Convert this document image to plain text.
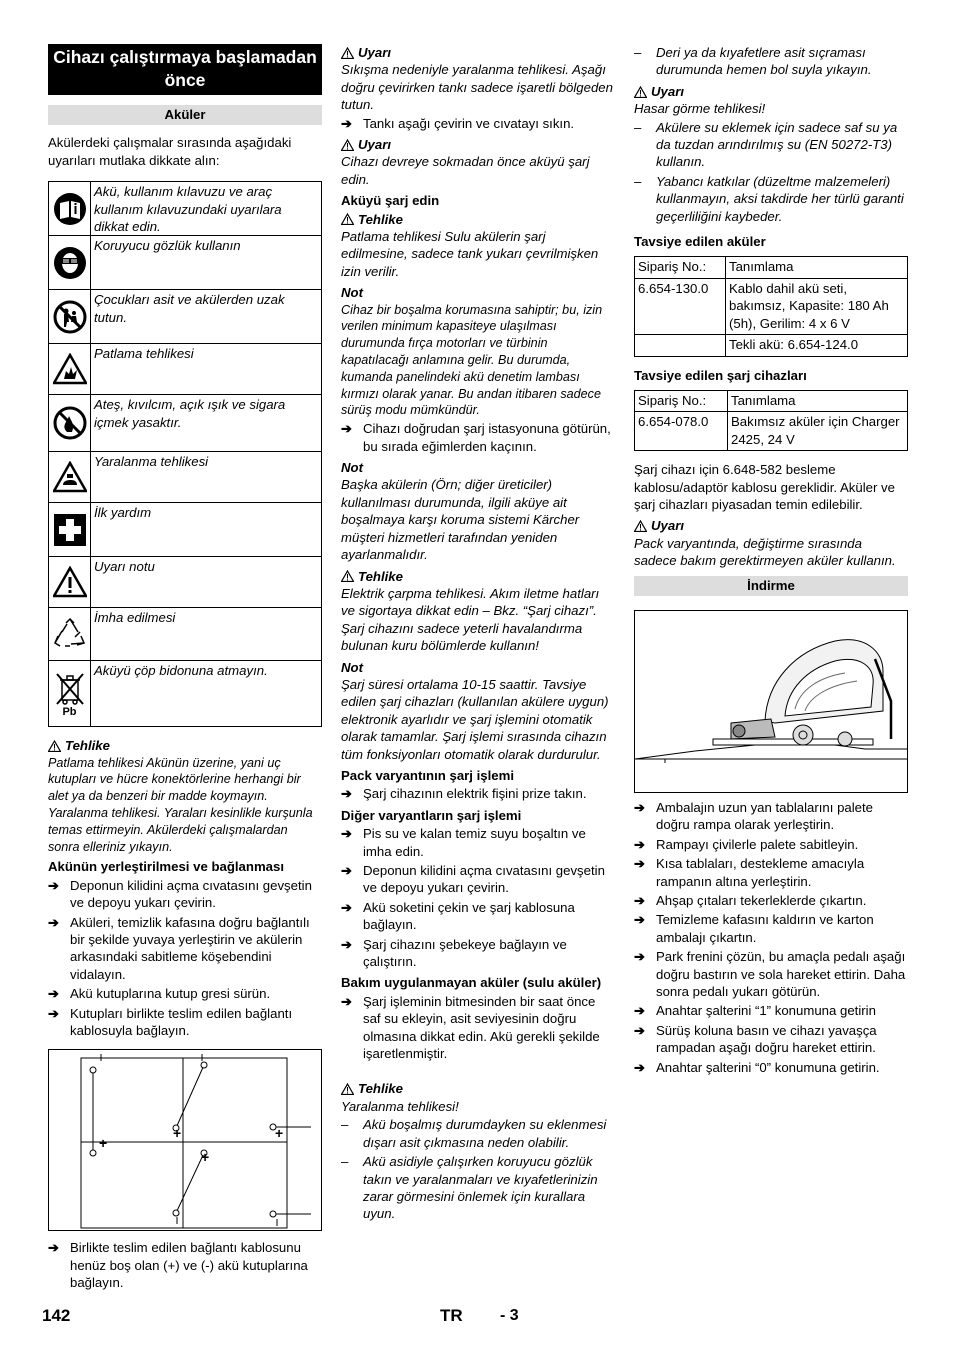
Cihazı çalıştırmaya başlamadan önce
Aküler

Akülerdeki çalışmalar sırasında aşağıdaki uyarıları mutlaka dikkate alın:

Akü, kullanım kılavuzu ve araç kullanım kılavuzundaki uyarılara dikkat edin.
Koruyucu gözlük kullanın
Çocukları asit ve akülerden uzak tutun.
Patlama tehlikesi
Ateş, kıvılcım, açık ışık ve sigara içmek yasaktır.
Yaralanma tehlikesi
İlk yardım
Uyarı notu
İmha edilmesi
Pb
Aküyü çöp bidonuna atmayın.
Tehlike

Patlama tehlikesi Akünün üzerine, yani uç kutupları ve hücre konektörlerine herhangi bir alet ya da benzeri bir madde koymayın. Yaralanma tehlikesi. Yaraları kesinlikle kurşunla temas ettirmeyin. Akülerdeki çalışmalardan sonra elleriniz yıkayın.

Akünün yerleştirilmesi ve bağlanması

➔ Deponun kilidini açma cıvatasını gevşetin ve depoyu yukarı çevirin.
➔ Aküleri, temizlik kafasına doğru bağlantılı bir şekilde yuvaya yerleştirin ve akülerin arkasındaki sabitleme köşebendini vidalayın.
➔ Akü kutuplarına kutup gresi sürün.
➔ Kutupları birlikte teslim edilen bağlantı kablosuyla bağlayın.
+
+
+
+
➔ Birlikte teslim edilen bağlantı kablosunu henüz boş olan (+) ve (-) akü kutuplarına bağlayın.
Uyarı

Sıkışma nedeniyle yaralanma tehlikesi. Aşağı doğru çevirirken tankı sadece işaretli bölgeden tutun.

➔ Tankı aşağı çevirin ve cıvatayı sıkın.
Uyarı

Cihazı devreye sokmadan önce aküyü şarj edin.

Aküyü şarj edin

Tehlike

Patlama tehlikesi Sulu akülerin şarj edilmesine, sadece tank yukarı çevrilmişken izin verilir.

Not

Cihaz bir boşalma korumasına sahiptir; bu, izin verilen minimum kapasiteye ulaşılması durumunda fırça motorları ve türbinin kapatılacağı anlamına gelir. Bu durumda, kumanda panelindeki akü denetim lambası kırmızı olarak yanar. Bu andan itibaren sadece sürüş modu mümkündür.

➔ Cihazı doğrudan şarj istasyonuna götürün, bu sırada eğimlerden kaçının.

Not

Başka akülerin (Örn; diğer üreticiler) kullanılması durumunda, ilgili aküye ait boşalmaya karşı koruma sistemi Kärcher müşteri hizmetleri tarafından yeniden ayarlanmalıdır.

Tehlike

Elektrik çarpma tehlikesi. Akım iletme hatları ve sigortaya dikkat edin – Bkz. “Şarj cihazı”. Şarj cihazını sadece yeterli havalandırma bulunan kuru bölümlerde kullanın!

Not

Şarj süresi ortalama 10-15 saattir. Tavsiye edilen şarj cihazları (kullanılan akülere uygun) elektronik ayarlıdır ve şarj işlemini otomatik olarak tamamlar. Şarj işlemi sırasında cihazın tüm fonksiyonları otomatik olarak durdurulur.

Pack varyantının şarj işlemi

➔ Şarj cihazının elektrik fişini prize takın.

Diğer varyantların şarj işlemi

➔ Pis su ve kalan temiz suyu boşaltın ve imha edin.
➔ Deponun kilidini açma cıvatasını gevşetin ve depoyu yukarı çevirin.
➔ Akü soketini çekin ve şarj kablosuna bağlayın.
➔ Şarj cihazını şebekeye bağlayın ve çalıştırın.

Bakım uygulanmayan aküler (sulu aküler)

➔ Şarj işleminin bitmesinden bir saat önce saf su ekleyin, asit seviyesinin doğru olmasına dikkat edin. Akü gerekli şekilde işaretlenmiştir.
Tehlike

Yaralanma tehlikesi!

–	Akü boşalmış durumdayken su eklenmesi dışarı asit çıkmasına neden olabilir.
–	Akü asidiyle çalışırken koruyucu gözlük takın ve yaralanmaları ve kıyafetlerinizin zarar görmesini önlemek için kurallara uyun.
–	Deri ya da kıyafetlere asit sıçraması durumunda hemen bol suyla yıkayın.
Uyarı

Hasar görme tehlikesi!

–	Akülere su eklemek için sadece saf su ya da tuzdan arındırılmış su (EN 50272-T3) kullanın.
–	Yabancı katkılar (düzeltme malzemeleri) kullanmayın, aksi takdirde her türlü garanti geçerliliğini kaybeder.

Tavsiye edilen aküler

Sipariş No.:	Tanımlama
6.654-130.0	Kablo dahil akü seti, bakımsız, Kapasite: 180 Ah (5h), Gerilim: 4 x 6 V
	Tekli akü: 6.654-124.0

Tavsiye edilen şarj cihazları

Sipariş No.:	Tanımlama
6.654-078.0	Bakımsız aküler için Charger 2425, 24 V

Şarj cihazı için 6.648-582 besleme kablosu/adaptör kablosu gereklidir. Aküler ve şarj cihazları piyasadan temin edilebilir.

Uyarı

Pack varyantında, değiştirme sırasında sadece bakım gerektirmeyen aküler kullanın.

İndirme
➔ Ambalajın uzun yan tablalarını palete doğru rampa olarak yerleştirin.
➔ Rampayı çivilerle palete sabitleyin.
➔ Kısa tablaları, destekleme amacıyla rampanın altına yerleştirin.
➔ Ahşap çıtaları tekerleklerde çıkartın.
➔ Temizleme kafasını kaldırın ve karton ambalajı çıkartın.
➔ Park frenini çözün, bu amaçla pedalı aşağı doğru bastırın ve sola hareket ettirin. Daha sonra pedalı yukarı götürün.
➔ Anahtar şalterini “1” konumuna getirin
➔ Sürüş koluna basın ve cihazı yavaşça rampadan aşağı doğru hareket ettirin.
➔ Anahtar şalterini “0” konumuna getirin.
142	TR - 3
